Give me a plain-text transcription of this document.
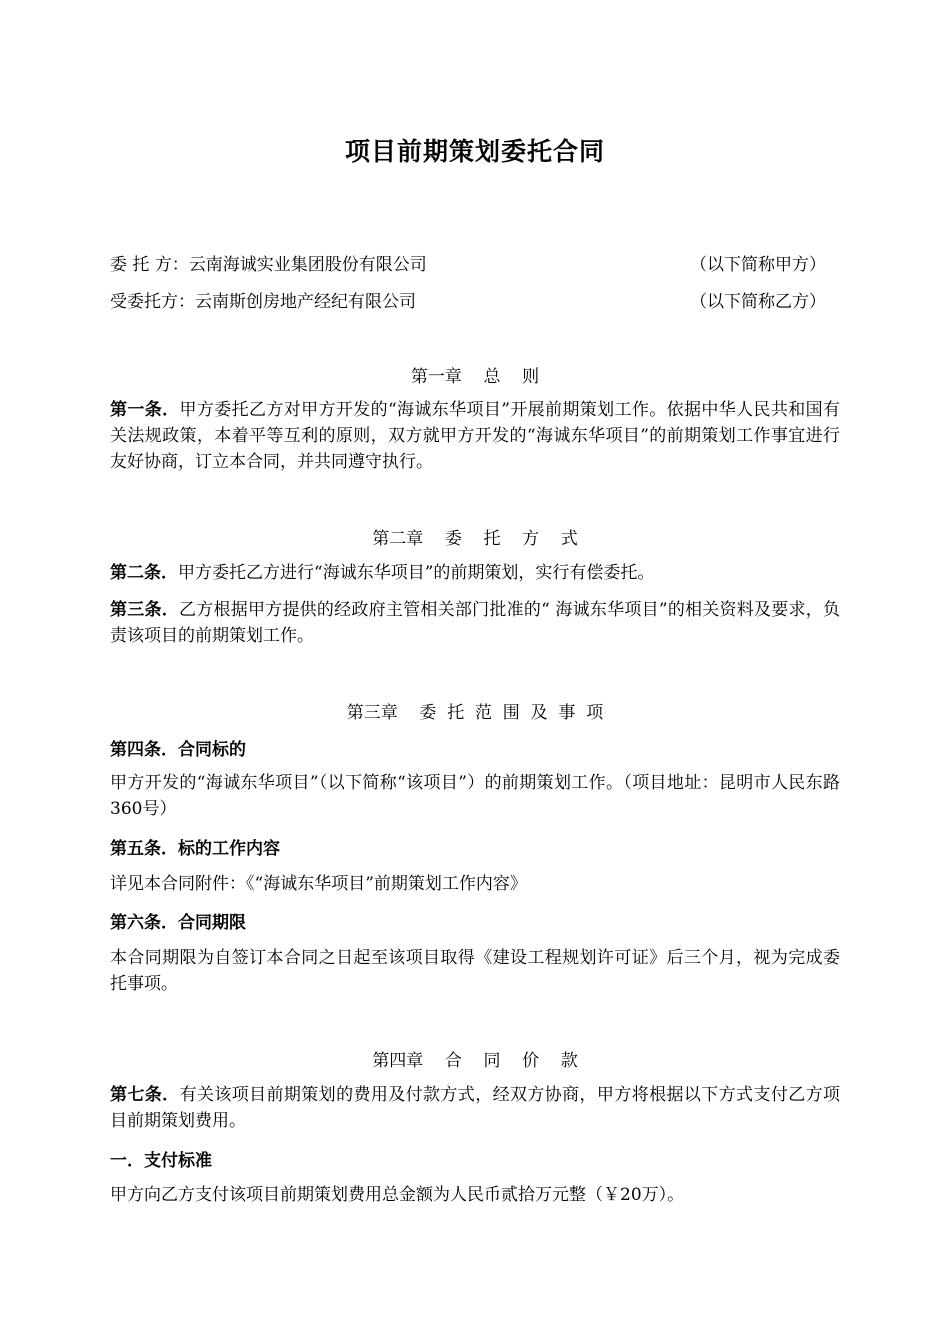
项目前期策划委托合同
委 托 方：云南海诚实业集团股份有限公司	（以下简称甲方）
受委托方：云南斯创房地产经纪有限公司	（以下简称乙方）
第一章    总    则
第一条．甲方委托乙方对甲方开发的“海诚东华项目”开展前期策划工作。依据中华人民共和国有关法规政策，本着平等互利的原则，双方就甲方开发的“海诚东华项目”的前期策划工作事宜进行友好协商，订立本合同，并共同遵守执行。
第二章    委    托    方    式
第二条．甲方委托乙方进行“海诚东华项目”的前期策划，实行有偿委托。
第三条．乙方根据甲方提供的经政府主管相关部门批准的“ 海诚东华项目”的相关资料及要求，负责该项目的前期策划工作。
第三章    委  托  范  围  及  事  项
第四条．合同标的
甲方开发的“海诚东华项目”（以下简称“该项目”）的前期策划工作。（项目地址：昆明市人民东路360号）
第五条．标的工作内容
详见本合同附件：《“海诚东华项目”前期策划工作内容》
第六条．合同期限
本合同期限为自签订本合同之日起至该项目取得《建设工程规划许可证》后三个月，视为完成委托事项。
第四章    合    同    价    款
第七条．有关该项目前期策划的费用及付款方式，经双方协商，甲方将根据以下方式支付乙方项目前期策划费用。
一．支付标准
甲方向乙方支付该项目前期策划费用总金额为人民币贰拾万元整（￥20万）。
